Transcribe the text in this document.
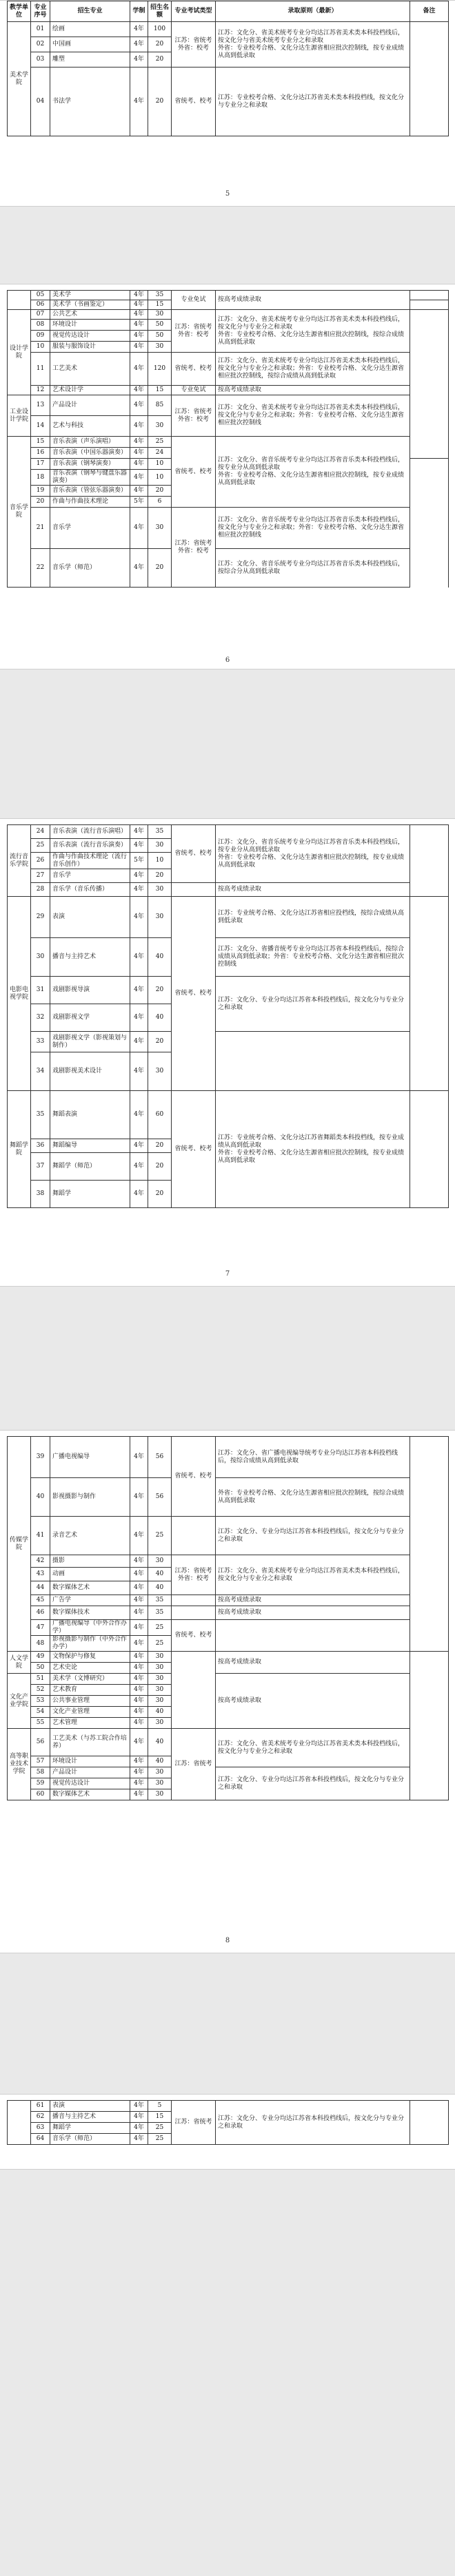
教学单位	专业序号	招生专业	学制	招生名额	专业考试类型	录取原则（最新）	备注
美术学院	01	绘画	4年	100	江苏：省统考外省：校考	江苏：文化分、省美术统考专业分均达江苏省美术类本科投档线后，按文化分与省美术统考专业分之和录取
外省：专业校考合格、文化分达生源省相应批次控制线，按专业成绩从高到低录取	
	02	中国画	4年	20			
	03	雕塑	4年	20			
	04	书法学	4年	20	省统考、校考	江苏：专业校考合格、文化分达江苏省美术类本科投档线，按文化分与专业分之和录取	
5
	05	美术学	4年	35	专业免试	按高考成绩录取		
	06	美术学（书画鉴定）	4年	15				
设计学院	07	公共艺术	4年	30	江苏：省统考外省：校考	江苏：文化分、省美术统考专业分均达江苏省美术类本科投档线后，按文化分与专业分之和录取
外省：专业校考合格、文化分达生源省相应批次控制线，按综合成绩从高到低录取		
	08	环境设计	4年	50				
	09	视觉传达设计	4年	50				
	10	服装与服饰设计	4年	30				
	11	工艺美术	4年	120	省统考、校考	江苏：文化分、省美术统考专业分均达江苏省美术类本科投档线后，按文化分与专业分之和录取；外省：专业校考合格、文化分达生源省相应批次控制线，按综合成绩从高到低录取		
	12	艺术设计学	4年	15	专业免试	按高考成绩录取		
工业设计学院	13	产品设计	4年	85	江苏：省统考外省：校考	江苏：文化分、省美术统考专业分均达江苏省美术类本科投档线后，按文化分与专业分之和录取；外省：专业校考合格、文化分达生源省相应批次控制线		
	14	艺术与科技	4年	30				
音乐学院	15	音乐表演（声乐演唱）	4年	25	省统考、校考	江苏：文化分、省音乐统考专业分均达江苏省音乐类本科投档线后，按专业分从高到低录取
外省：专业校考合格、文化分达生源省相应批次控制线，按专业成绩从高到低录取		
	16	音乐表演（中国乐器演奏）	4年	24				
	17	音乐表演（钢琴演奏）	4年	10				
	18	音乐表演（钢琴与键盘乐器演奏）	4年	10				
	19	音乐表演（管弦乐器演奏）	4年	20				
	20	作曲与作曲技术理论	5年	6				
	21	音乐学	4年	30	江苏：省统考外省：校考	江苏：文化分、省音乐统考专业分均达江苏省音乐类本科投档线后，按文化分与专业分之和录取；外省：专业校考合格、文化分达生源省相应批次控制线		
	22	音乐学（师范）	4年	20		江苏：文化分、省音乐统考专业分均达江苏省音乐类本科投档线后，按综合分从高到低录取		
6
流行音乐学院	24	音乐表演（流行音乐演唱）	4年	35	省统考、校考	江苏：文化分、省音乐统考专业分均达江苏省音乐类本科投档线后，按专业分从高到低录取
外省：专业校考合格、文化分达生源省相应批次控制线，按专业成绩从高到低录取	
	25	音乐表演（流行音乐演奏）	4年	30			
	26	作曲与作曲技术理论（流行音乐创作）	5年	10			
	27	音乐学	4年	20			
	28	音乐学（音乐传播）	4年	30		按高考成绩录取	
电影电视学院	29	表演	4年	30	省统考、校考	江苏：专业统考合格、文化分达江苏省相应投档线，按综合成绩从高到低录取	
	30	播音与主持艺术	4年	40		江苏：文化分、省播音统考专业分均达江苏省本科投档线后，按综合成绩从高到低录取；外省：专业校考合格、文化分达生源省相应批次控制线	
	31	戏剧影视导演	4年	20		江苏：文化分、专业分均达江苏省本科投档线后，按文化分与专业分之和录取	
	32	戏剧影视文学	4年	40			
	33	戏剧影视文学（影视策划与制作）	4年	20			
	34	戏剧影视美术设计	4年	30			
舞蹈学院	35	舞蹈表演	4年	60	省统考、校考	江苏：专业统考合格、文化分达江苏省舞蹈类本科投档线，按专业成绩从高到低录取
外省：专业校考合格、文化分达生源省相应批次控制线，按专业成绩从高到低录取	
	36	舞蹈编导	4年	20			
	37	舞蹈学（师范）	4年	20			
	38	舞蹈学	4年	20			
7
传媒学院	39	广播电视编导	4年	56	省统考、校考	江苏：文化分、省广播电视编导统考专业分均达江苏省本科投档线后，按综合成绩从高到低录取	
	40	影视摄影与制作	4年	56		外省：专业校考合格、文化分达生源省相应批次控制线，按综合成绩从高到低录取	
	41	录音艺术	4年	25		江苏：文化分、专业分均达江苏省本科投档线后，按文化分与专业分之和录取	
	42	摄影	4年	30	江苏：省统考外省：校考	江苏：文化分、省美术统考专业分均达江苏省美术类本科投档线后，按文化分与专业分之和录取	
	43	动画	4年	40			
	44	数字媒体艺术	4年	40			
	45	广告学	4年	35		按高考成绩录取	
	46	数字媒体技术	4年	35		按高考成绩录取	
	47	广播电视编导（中外合作办学）	4年	25	省统考、校考		
	48	影视摄影与制作（中外合作办学）	4年	25			
人文学院	49	文物保护与修复	4年	30		按高考成绩录取	
	50	艺术史论	4年	30			
文化产业学院	51	美术学（文博研究）	4年	30		按高考成绩录取	
	52	艺术教育	4年	30			
	53	公共事业管理	4年	30			
	54	文化产业管理	4年	40			
	55	艺术管理	4年	30			
高等职业技术学院	56	工艺美术（与苏工院合作培养）	4年	40	江苏：省统考	江苏：文化分、省美术统考专业分均达江苏省美术类本科投档线后，按文化分与专业分之和录取	
	57	环境设计	4年	40			
	58	产品设计	4年	30		江苏：文化分、专业分均达江苏省本科投档线后，按文化分与专业分之和录取	
	59	视觉传达设计	4年	30			
	60	数字媒体艺术	4年	30			
8
	61	表演	4年	5	江苏：省统考	江苏：文化分、专业分均达江苏省本科投档线后，按文化分与专业分之和录取	
	62	播音与主持艺术	4年	15			
	63	舞蹈学	4年	25			
	64	音乐学（师范）	4年	25			
